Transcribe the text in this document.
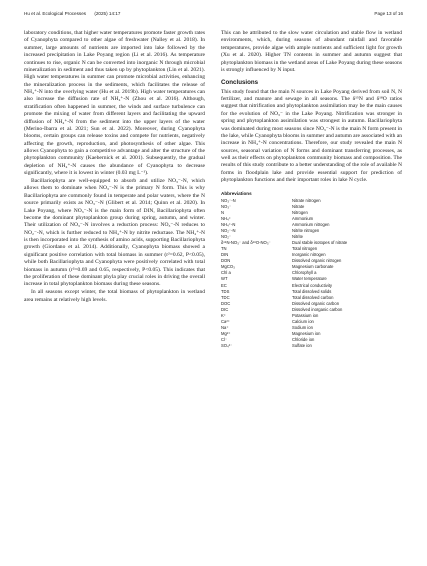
Hu et al. Ecological Processes (2025) 14:17	Page 13 of 16

laboratory conditions, that higher water temperatures promote faster growth rates of Cyanophyta compared to other algae of freshwater (Nalley et al. 2018). In summer, large amounts of nutrients are imported into lake followed by the increased precipitation in Lake Poyang region (Li et al. 2016). As temperature continues to rise, organic N can be converted into inorganic N through microbial mineralization in sediment and thus taken up by phytoplankton (Lin et al. 2021). High water temperatures in summer can promote microbial activities, enhancing the mineralization process in the sediments, which facilitates the release of NH₄⁺-N into the overlying water (Hu et al. 2019b). High water temperatures can also increase the diffusion rate of NH₄⁺-N (Zhou et al. 2016). Although, stratification often happened in summer, the winds and surface turbulence can promote the mixing of water from different layers and facilitating the upward diffusion of NH₄⁺-N from the sediment into the upper layers of the water (Merino-Ibarra et al. 2021; Sun et al. 2022). Moreover, during Cyanophyta blooms, certain groups can release toxins and compete for nutrients, negatively affecting the growth, reproduction, and photosynthesis of other algae. This allows Cyanophyta to gain a competitive advantage and alter the structure of the phytoplankton community (Kaebernick et al. 2001). Subsequently, the gradual depletion of NH₄⁺-N causes the abundance of Cyanophyta to decrease significantly, where it is lowest in winter (0.03 mg L⁻¹).

Bacillariophyta are well-equipped to absorb and utilize NO₃⁻-N, which allows them to dominate when NO₃⁻-N is the primary N form. This is why Bacillariophyta are commonly found in temperate and polar waters, where the N source primarily exists as NO₃⁻-N (Glibert et al. 2014; Quinn et al. 2020). In Lake Poyang, where NO₃⁻-N is the main form of DIN, Bacillariophyta often become the dominant phytoplankton group during spring, autumn, and winter. Their utilization of NO₃⁻-N involves a reduction process: NO₃⁻-N reduces to NO₂⁻-N, which is further reduced to NH₄⁺-N by nitrite reductase. The NH₄⁺-N is then incorporated into the synthesis of amino acids, supporting Bacillariophyta growth (Giordano et al. 2014). Additionally, Cyanophyta biomass showed a significant positive correlation with total biomass in summer (r²=0.62, P<0.05), while both Bacillariophyta and Cyanophyta were positively correlated with total biomass in autumn (r²=0.69 and 0.65, respectively, P<0.05). This indicates that the proliferation of these dominant phyla play crucial roles in driving the overall increase in total phytoplankton biomass during these seasons.

In all seasons except winter, the total biomass of phytoplankton in wetland area remains at relatively high levels.

This can be attributed to the slow water circulation and stable flow in wetland environments, which, during seasons of abundant rainfall and favorable temperatures, provide algae with ample nutrients and sufficient light for growth (Xu et al. 2020). Higher TN contents in summer and autumn suggest that phytoplankton biomass in the wetland areas of Lake Poyang during these seasons is strongly influenced by N input.

Conclusions

This study found that the main N sources in Lake Poyang derived from soil N, N fertilizer, and manure and sewage in all seasons. The δ¹⁵N and δ¹⁸O ratios suggest that nitrification and phytoplankton assimilation may be the main causes for the evolution of NO₃⁻ in the Lake Poyang. Nitrification was stronger in spring and phytoplankton assimilation was strongest in autumn. Bacillariophyta was dominated during most seasons since NO₃⁻-N is the main N form present in the lake, while Cyanophyta blooms in summer and autumn are associated with an increase in NH₄⁺-N concentrations. Therefore, our study revealed the main N sources, seasonal variation of N forms and dominant transferring processes, as well as their effects on phytoplankton community biomass and composition. The results of this study contribute to a better understanding of the role of available N forms in floodplain lake and provide essential support for prediction of phytoplankton functions and their important roles in lake N cycle.

Abbreviations
NO₃⁻-N	Nitrate nitrogen
NO₃⁻	Nitrate
N	Nitrogen
NH₄⁺	Ammonium
NH₄⁺-N	Ammonium nitrogen
NO₂⁻-N	Nitrite nitrogen
NO₂⁻	Nitrite
δ¹⁵N-NO₃⁻ and δ¹⁸O-NO₃⁻	Dual stable isotopes of nitrate
TN	Total nitrogen
DIN	Inorganic nitrogen
DON	Dissolved organic nitrogen
MgCO₃	Magnesium carbonate
Chl a	Chlorophyll a
WT	Water temperature
EC	Electrical conductivity
TDS	Total dissolved solids
TDC	Total dissolved carbon
DOC	Dissolved organic carbon
DIC	Dissolved inorganic carbon
K⁺	Potassium ion
Ca²⁺	Calcium ion
Na⁺	Sodium ion
Mg²⁺	Magnesium ion
Cl⁻	Chloride ion
SO₄²⁻	Sulfate ion
